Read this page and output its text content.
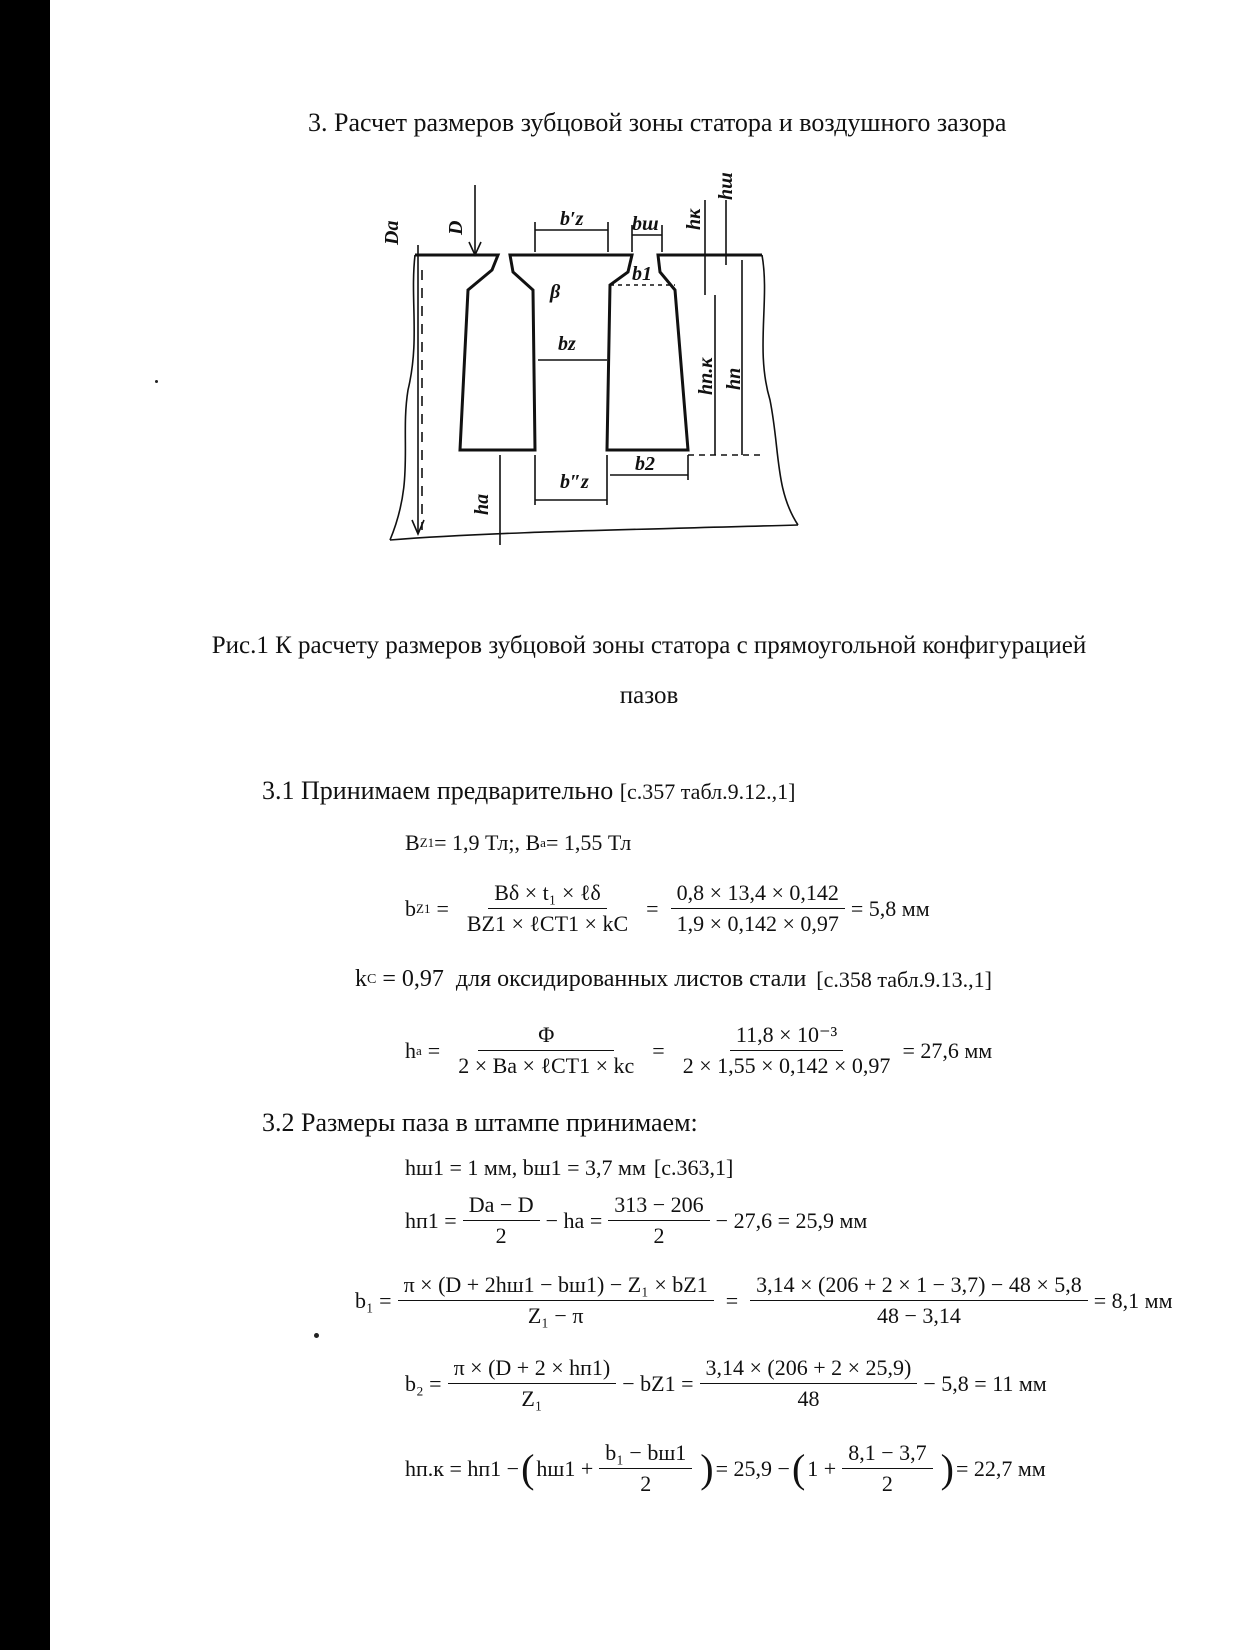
3. Расчет размеров зубцовой зоны статора и воздушного зазора
Da D	b′z bш hк
hш
β
b1
bz
hп.к hп
b″z
b2
ha
Рис.1 К расчету размеров зубцовой зоны статора с прямоугольной конфигурацией
пазов
3.1 Принимаем предварительно [с.357 табл.9.12.,1]
B Z1 = 1,9 Тл;, B a = 1,55 Тл
b $Z1 = \frac{\text{Bδ × t₁ × ℓδ}}{\text{BZ1 × ℓCT1 × kC}} = \frac{0,8 \times 13,4 \times 0,142}{1,9 \times 0,142 \times 0,97} = 5,8$ мм
k C = 0,97  для оксидированных листов стали [с.358 табл.9.13.,1]
h $a = \frac{\Phi}{\text{2 × Ba × ℓCT1 × kc}} = \frac{\text{11,8 × 10⁻³}}{2 \times 1,55 \times 0,142 \times 0,97} = 27,6$ мм
3.2 Размеры паза в штампе принимаем:
hш1 = 1 мм, bш1 = 3,7 мм [с.363,1]
$hп1 = \frac{Da - D}{2}$ − ha = $\frac{313 - 206}{2} - 27,6 = 25,9$ мм
$b_1 = \frac{\text{π × (D + 2hш1 − bш1) − Z₁ × bZ1}}{\text{Z₁ − π}} = \frac{3,14 \times (206 + 2 \times 1 - 3,7) - 48 \times 5,8}{48 - 3,14} = 8,1$ мм
$b_2 = \frac{\pi \times (D + 2 \times hп1)}{\text{Z₁}} - bZ1 = \frac{3,14 \times (206 + 2 \times 25,9)}{48} - 5,8 = 11$ мм
hп.к = hп1 − ( $hш1 + \frac{\text{b₁ − bш1}}{2}$ ) = 25,9 − ( $1 + \frac{8,1 - 3,7}{2}$ ) = 22,7 мм
